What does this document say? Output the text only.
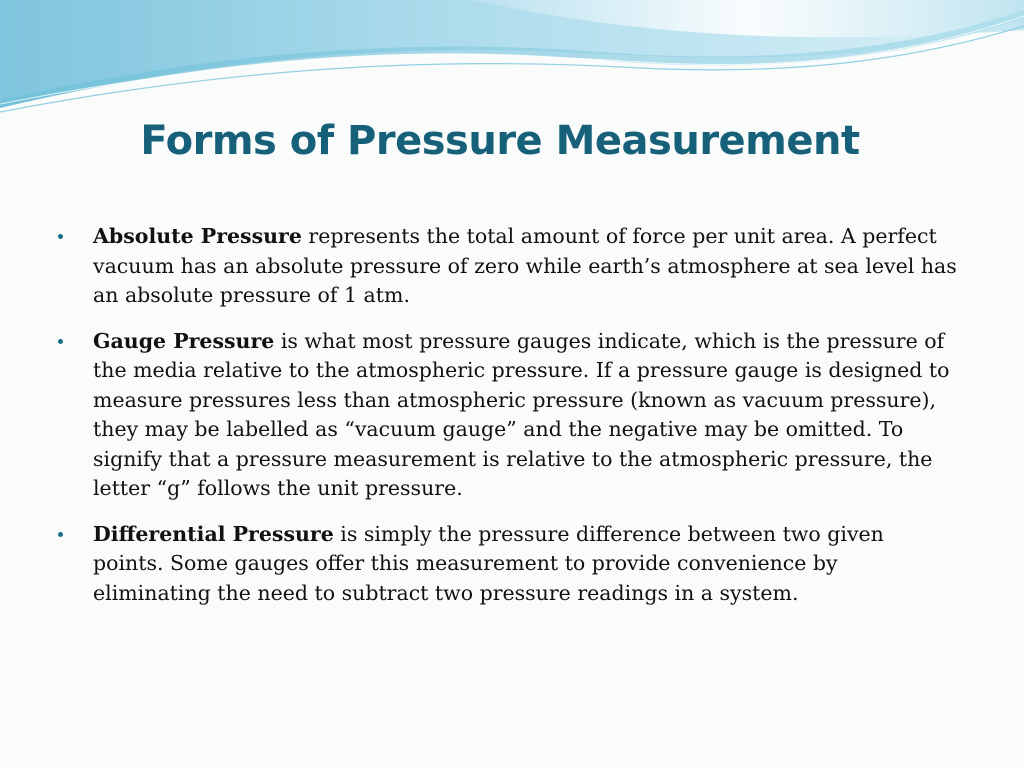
Forms of Pressure Measurement
Absolute Pressure represents the total amount of force per unit area. A perfect vacuum has an absolute pressure of zero while earth’s atmosphere at sea level has an absolute pressure of 1 atm.
Gauge Pressure is what most pressure gauges indicate, which is the pressure of the media relative to the atmospheric pressure. If a pressure gauge is designed to measure pressures less than atmospheric pressure (known as vacuum pressure), they may be labelled as “vacuum gauge” and the negative may be omitted. To signify that a pressure measurement is relative to the atmospheric pressure, the letter “g” follows the unit pressure.
Differential Pressure is simply the pressure difference between two given points. Some gauges offer this measurement to provide convenience by eliminating the need to subtract two pressure readings in a system.
